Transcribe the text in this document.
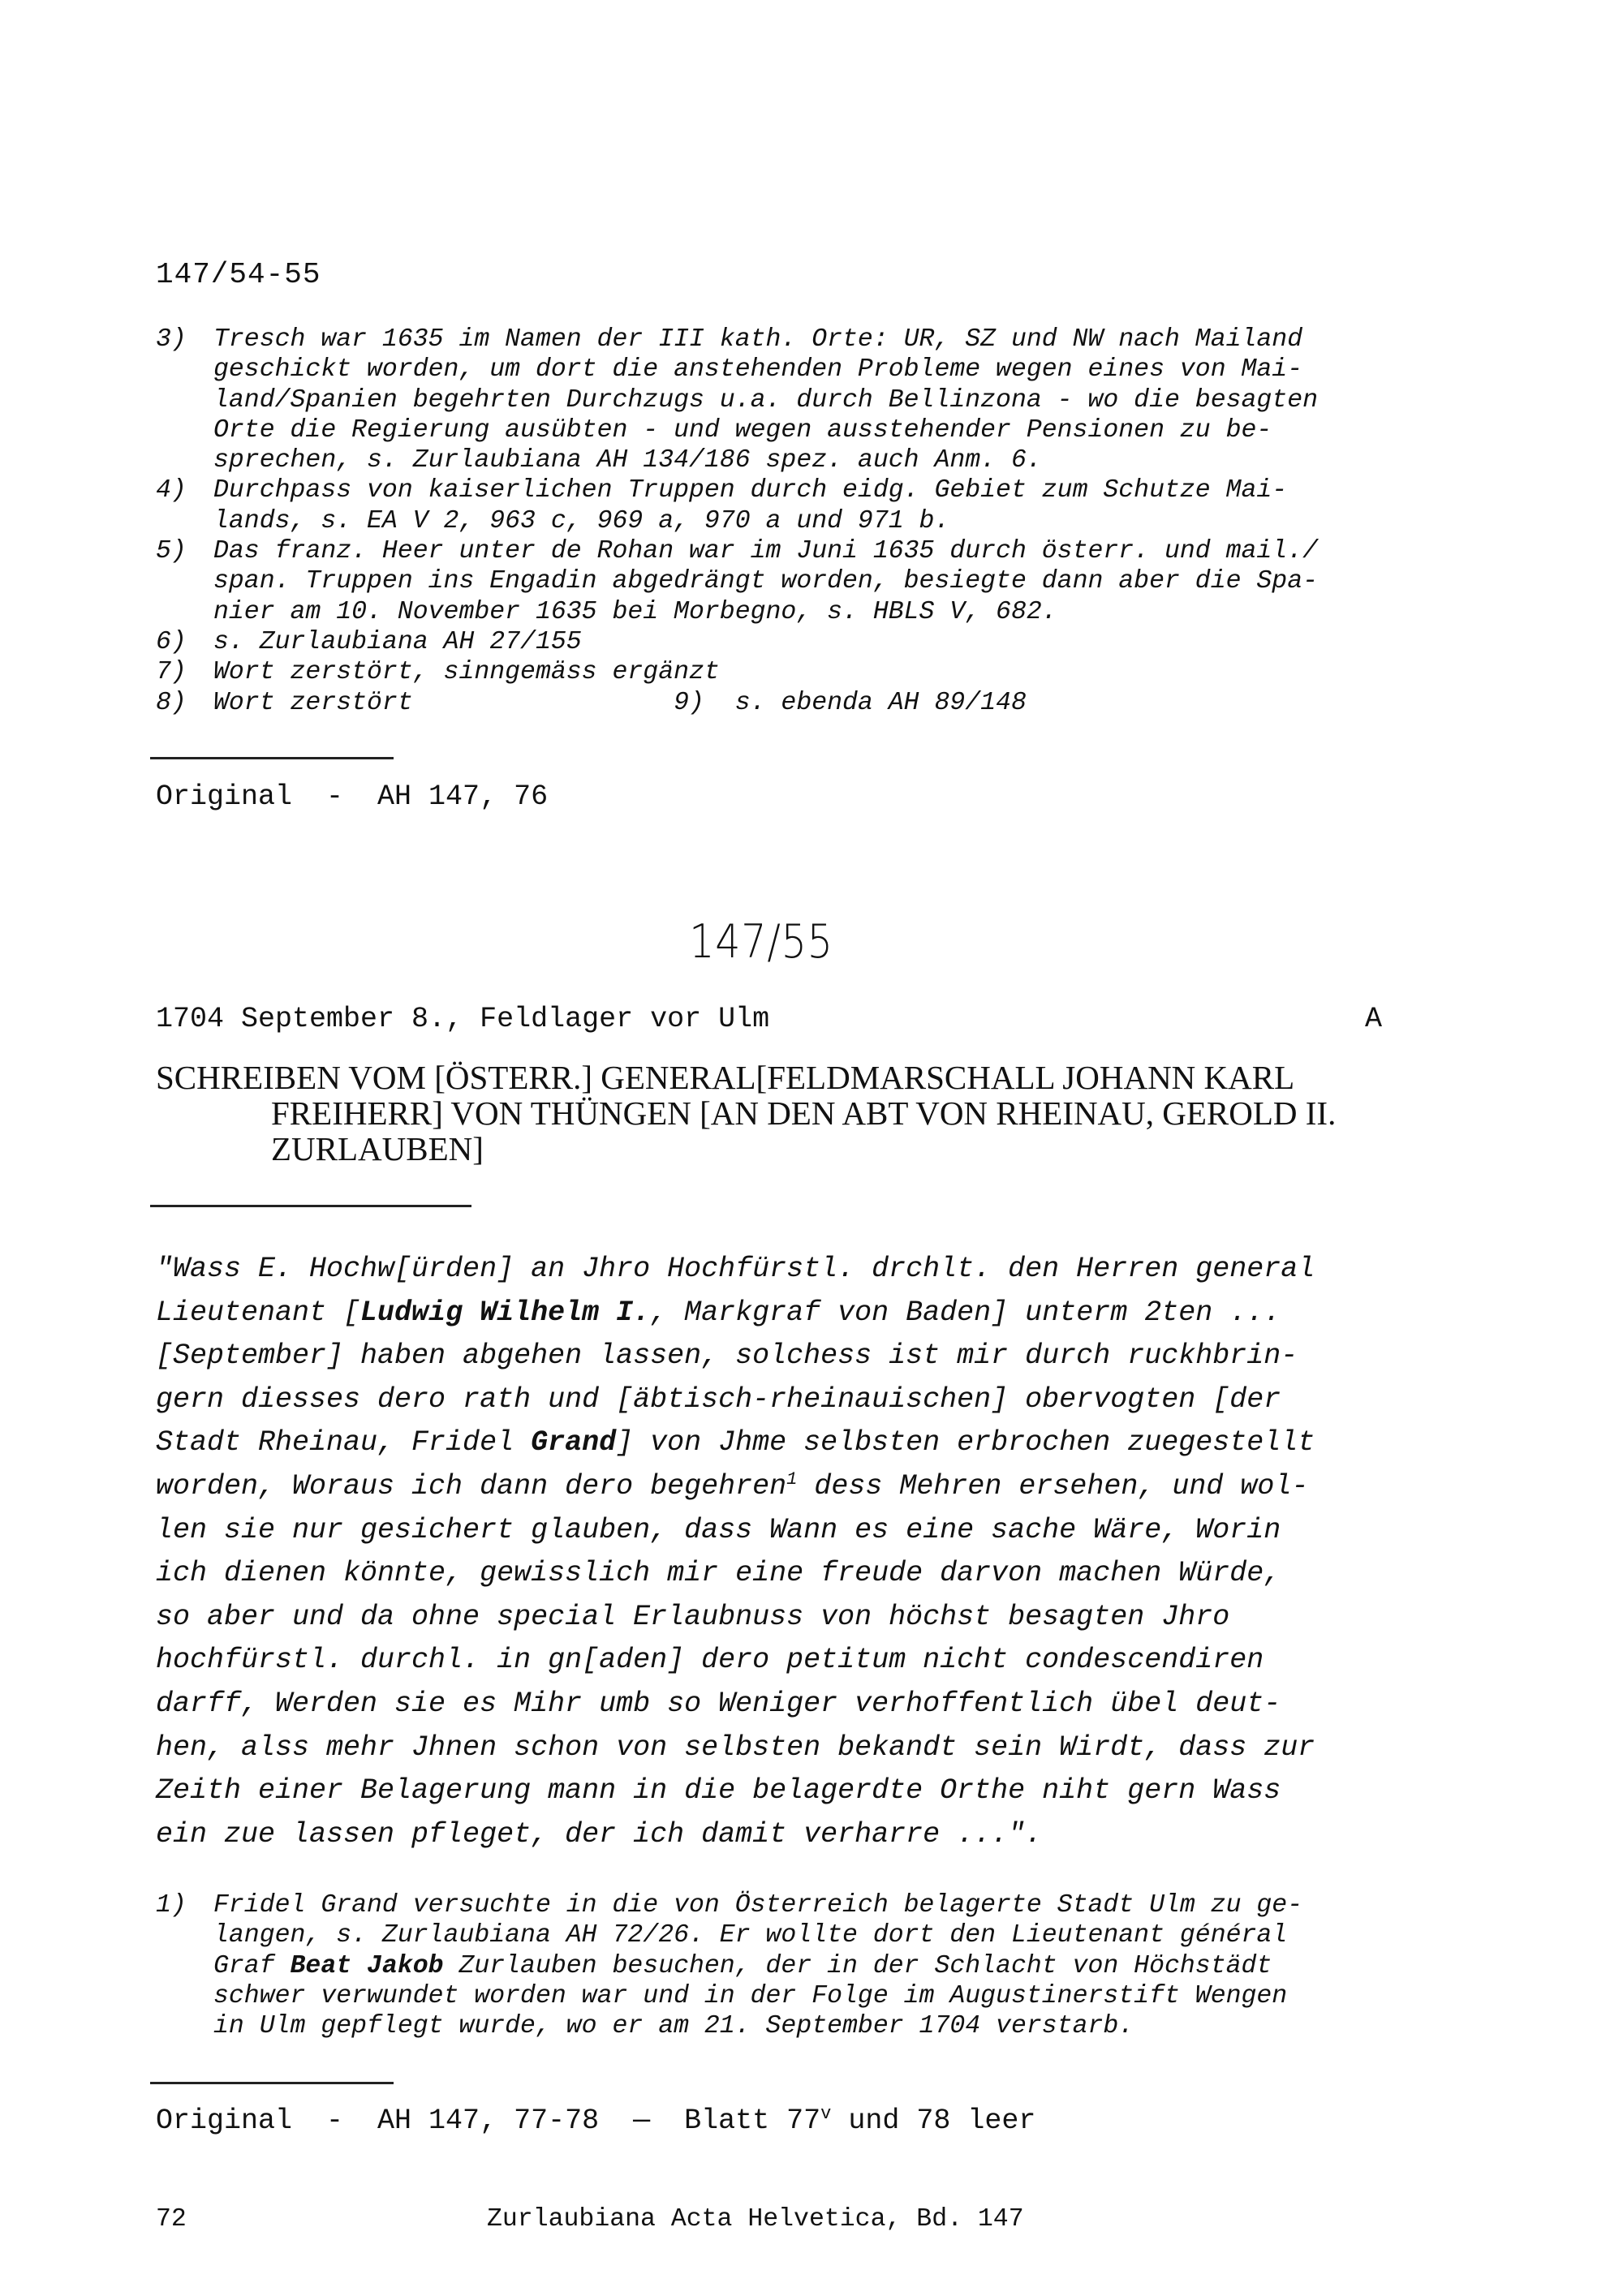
147/54-55
3)	Tresch war 1635 im Namen der III kath. Orte: UR, SZ und NW nach Mailand
geschickt worden, um dort die anstehenden Probleme wegen eines von Mai-
land/Spanien begehrten Durchzugs u.a. durch Bellinzona - wo die besagten
Orte die Regierung ausübten - und wegen ausstehender Pensionen zu be-
sprechen, s. Zurlaubiana AH 134/186 spez. auch Anm. 6.
4)	Durchpass von kaiserlichen Truppen durch eidg. Gebiet zum Schutze Mai-
lands, s. EA V 2, 963 c, 969 a, 970 a und 971 b.
5)	Das franz. Heer unter de Rohan war im Juni 1635 durch österr. und mail./
span. Truppen ins Engadin abgedrängt worden, besiegte dann aber die Spa-
nier am 10. November 1635 bei Morbegno, s. HBLS V, 682.
6)	s. Zurlaubiana AH 27/155
7)	Wort zerstört, sinngemäss ergänzt
8)	Wort zerstört                 9)  s. ebenda AH 89/148
Original  -  AH 147, 76
147/55
1704 September 8., Feldlager vor Ulm	A
SCHREIBEN VOM [ÖSTERR.] GENERAL[FELDMARSCHALL JOHANN KARL
FREIHERR] VON THÜNGEN [AN DEN ABT VON RHEINAU, GEROLD II.
ZURLAUBEN]
"Wass E. Hochw[ürden] an Jhro Hochfürstl. drchlt. den Herren general
Lieutenant [Ludwig Wilhelm I., Markgraf von Baden] unterm 2ten ...
[September] haben abgehen lassen, solchess ist mir durch ruckhbrin-
gern diesses dero rath und [äbtisch-rheinauischen] obervogten [der
Stadt Rheinau, Fridel Grand] von Jhme selbsten erbrochen zuegestellt
worden, Woraus ich dann dero begehren$^1$ dess Mehren ersehen, und wol-
len sie nur gesichert glauben, dass Wann es eine sache Wäre, Worin
ich dienen könnte, gewisslich mir eine freude darvon machen Würde,
so aber und da ohne special Erlaubnuss von höchst besagten Jhro
hochfürstl. durchl. in gn[aden] dero petitum nicht condescendiren
darff, Werden sie es Mihr umb so Weniger verhoffentlich übel deut-
hen, alss mehr Jhnen schon von selbsten bekandt sein Wirdt, dass zur
Zeith einer Belagerung mann in die belagerdte Orthe niht gern Wass
ein zue lassen pfleget, der ich damit verharre ...".
1)	Fridel Grand versuchte in die von Österreich belagerte Stadt Ulm zu ge-
langen, s. Zurlaubiana AH 72/26. Er wollte dort den Lieutenant général
Graf Beat Jakob Zurlauben besuchen, der in der Schlacht von Höchstädt
schwer verwundet worden war und in der Folge im Augustinerstift Wengen
in Ulm gepflegt wurde, wo er am 21. September 1704 verstarb.
Original  -  AH 147, 77-78  —  Blatt 77$^v$ und 78 leer
72	Zurlaubiana Acta Helvetica, Bd. 147
